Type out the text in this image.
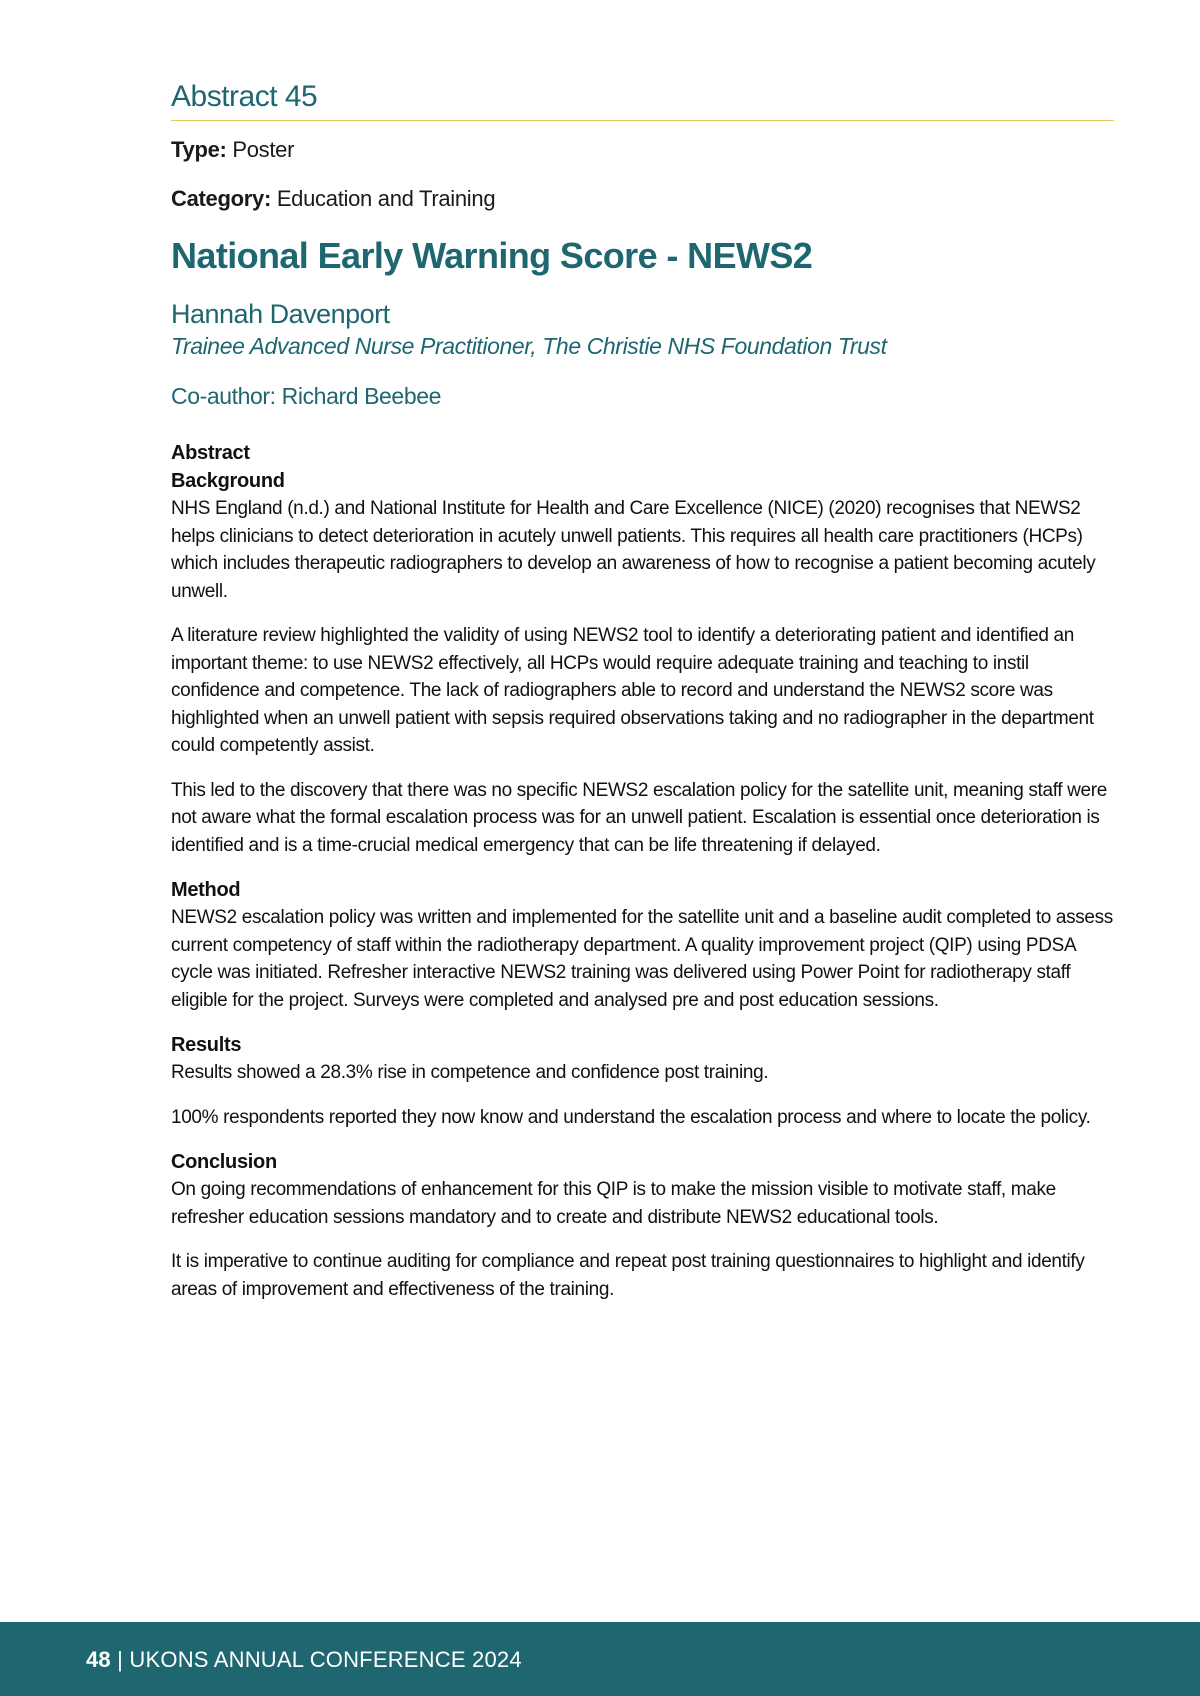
Abstract 45
Type: Poster
Category: Education and Training
National Early Warning Score - NEWS2
Hannah Davenport
Trainee Advanced Nurse Practitioner, The Christie NHS Foundation Trust
Co-author: Richard Beebee
Abstract
Background

NHS England (n.d.) and National Institute for Health and Care Excellence (NICE) (2020) recognises that NEWS2 helps clinicians to detect deterioration in acutely unwell patients. This requires all health care practitioners (HCPs) which includes therapeutic radiographers to develop an awareness of how to recognise a patient becoming acutely unwell.

A literature review highlighted the validity of using NEWS2 tool to identify a deteriorating patient and identified an important theme: to use NEWS2 effectively, all HCPs would require adequate training and teaching to instil confidence and competence. The lack of radiographers able to record and understand the NEWS2 score was highlighted when an unwell patient with sepsis required observations taking and no radiographer in the department could competently assist.

This led to the discovery that there was no specific NEWS2 escalation policy for the satellite unit, meaning staff were not aware what the formal escalation process was for an unwell patient. Escalation is essential once deterioration is identified and is a time-crucial medical emergency that can be life threatening if delayed.

Method

NEWS2 escalation policy was written and implemented for the satellite unit and a baseline audit completed to assess current competency of staff within the radiotherapy department. A quality improvement project (QIP) using PDSA cycle was initiated. Refresher interactive NEWS2 training was delivered using Power Point for radiotherapy staff eligible for the project. Surveys were completed and analysed pre and post education sessions.

Results

Results showed a 28.3% rise in competence and confidence post training.

100% respondents reported they now know and understand the escalation process and where to locate the policy.

Conclusion

On going recommendations of enhancement for this QIP is to make the mission visible to motivate staff, make refresher education sessions mandatory and to create and distribute NEWS2 educational tools.

It is imperative to continue auditing for compliance and repeat post training questionnaires to highlight and identify areas of improvement and effectiveness of the training.

48 | UKONS ANNUAL CONFERENCE 2024
